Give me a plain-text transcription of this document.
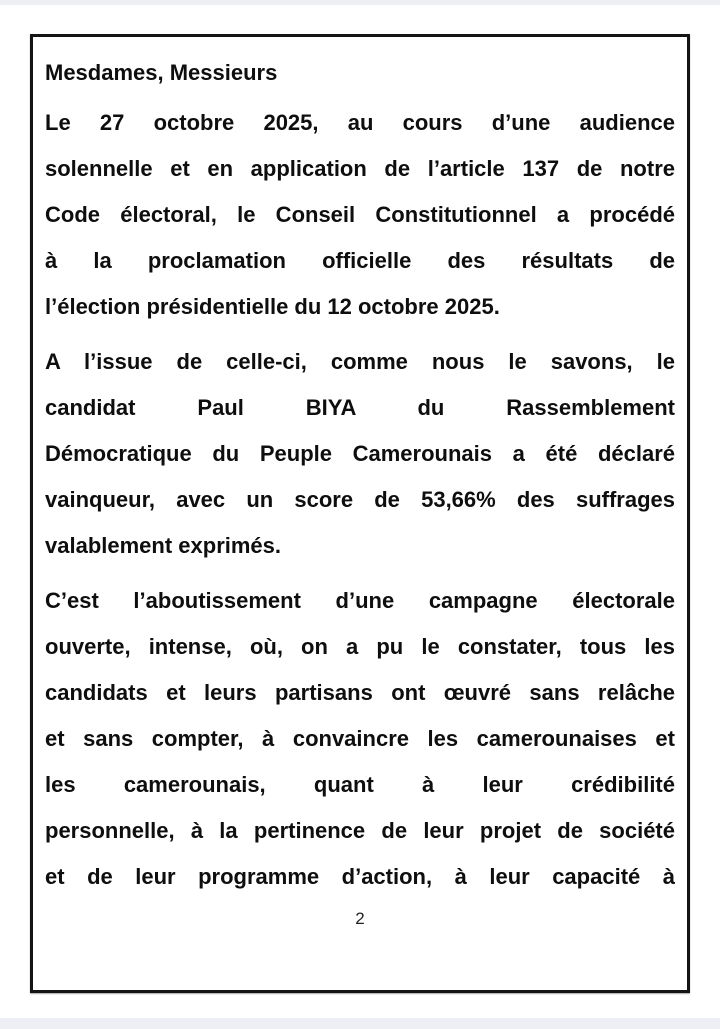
Mesdames, Messieurs
Le 27 octobre 2025, au cours d’une audience
solennelle et en application de l’article 137 de notre
Code électoral, le Conseil Constitutionnel a procédé
à la proclamation officielle des résultats de
l’élection présidentielle du 12 octobre 2025.
A l’issue de celle-ci, comme nous le savons, le
candidat Paul BIYA du Rassemblement
Démocratique du Peuple Camerounais a été déclaré
vainqueur, avec un score de 53,66% des suffrages
valablement exprimés.
C’est l’aboutissement d’une campagne électorale
ouverte, intense, où, on a pu le constater, tous les
candidats et leurs partisans ont œuvré sans relâche
et sans compter, à convaincre les camerounaises et
les camerounais, quant à leur crédibilité
personnelle, à la pertinence de leur projet de société
et de leur programme d’action, à leur capacité à
2
